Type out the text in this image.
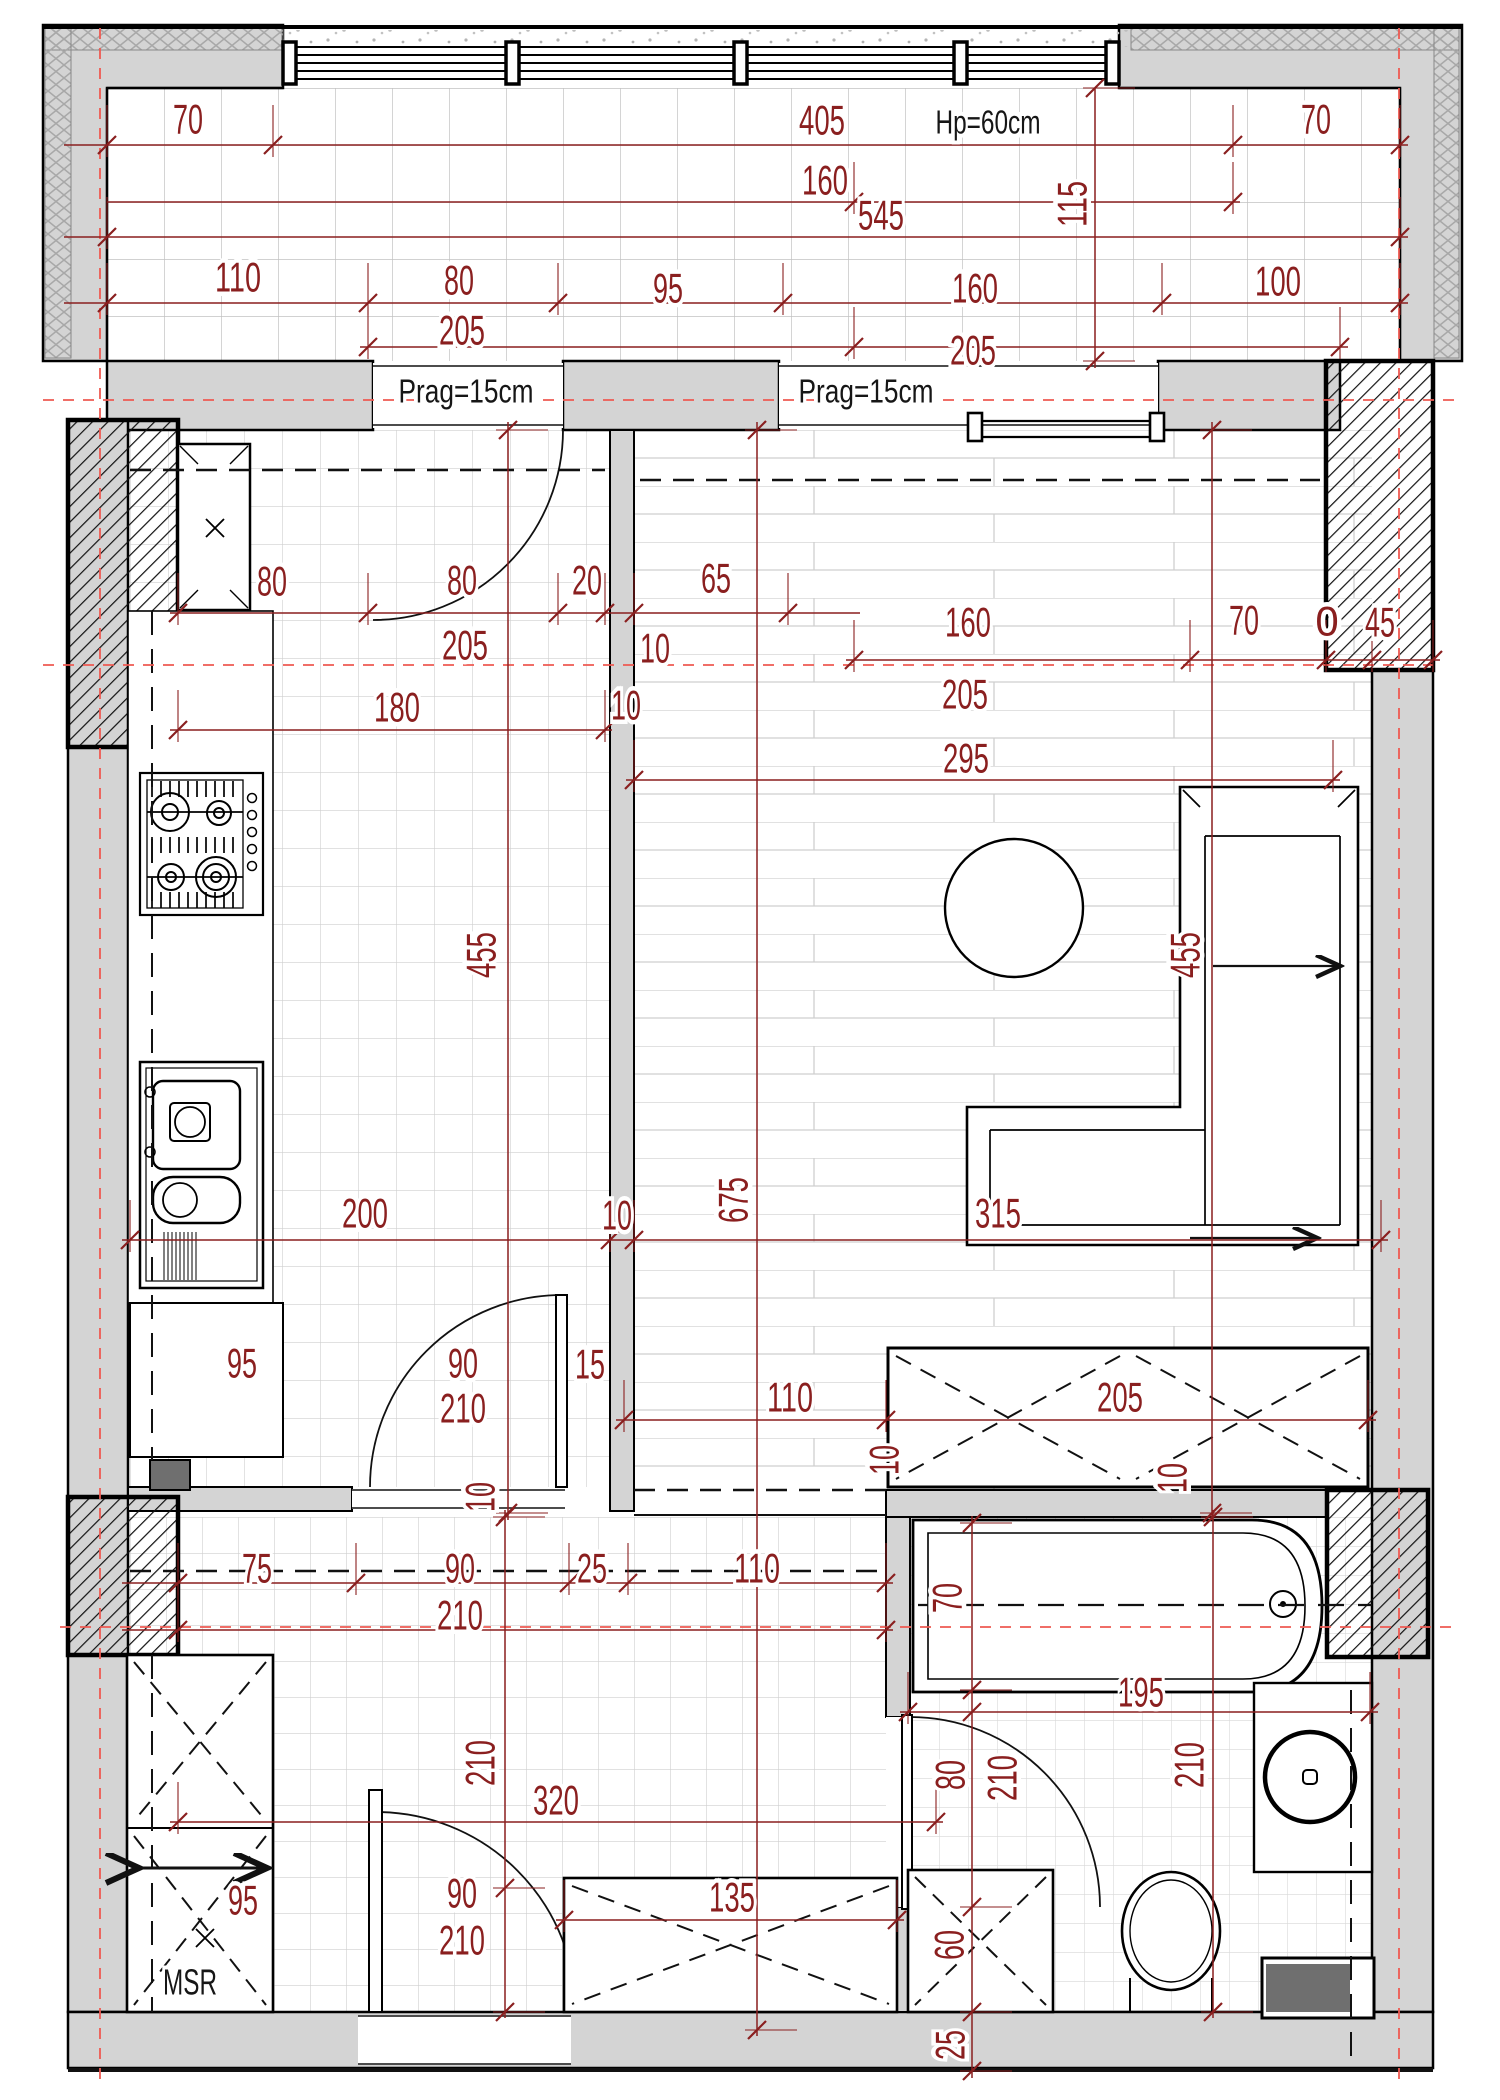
70	405	Hp=60cm	70
160
545	115
110	80	95	160	100
205	205
Prag=15cm	Prag=15cm
80	80 20 65
160	70 0 45
205
205
180
10
10
295
455	455
675
200	10	315
95	90 15
210
10
110	205
10	10
75	90 25	110
210
70
195
210
80 210
210
320
95
MSR
90
210
135
60
25
